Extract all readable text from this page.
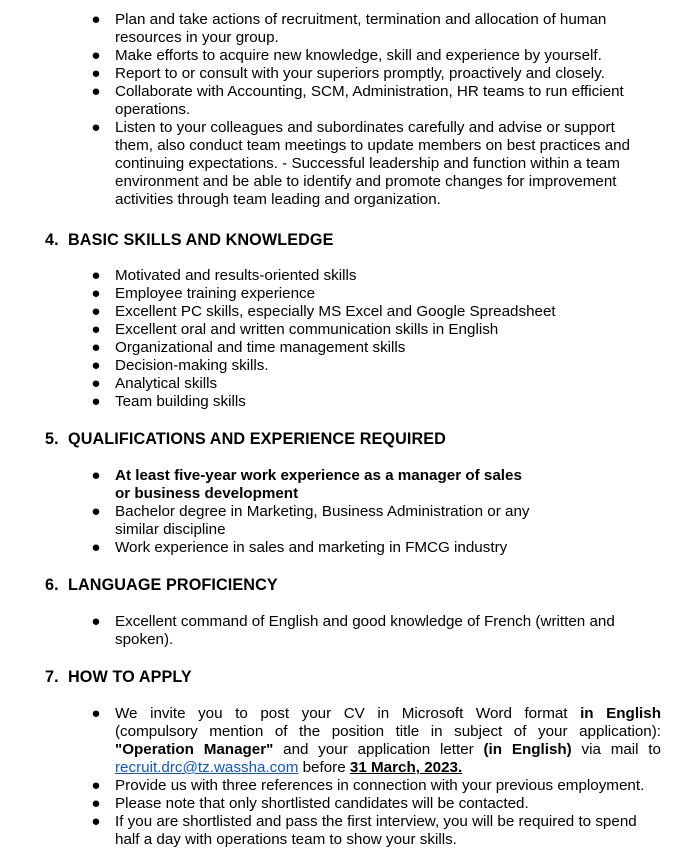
● Plan and take actions of recruitment, termination and allocation of human resources in your group.
● Make efforts to acquire new knowledge, skill and experience by yourself.
● Report to or consult with your superiors promptly, proactively and closely.
● Collaborate with Accounting, SCM, Administration, HR teams to run efficient operations.
● Listen to your colleagues and subordinates carefully and advise or support them, also conduct team meetings to update members on best practices and continuing expectations. - Successful leadership and function within a team environment and be able to identify and promote changes for improvement activities through team leading and organization.
4. BASIC SKILLS AND KNOWLEDGE
● Motivated and results-oriented skills
● Employee training experience
● Excellent PC skills, especially MS Excel and Google Spreadsheet
● Excellent oral and written communication skills in English
● Organizational and time management skills
● Decision-making skills.
● Analytical skills
● Team building skills
5. QUALIFICATIONS AND EXPERIENCE REQUIRED
● At least five-year work experience as a manager of sales
or business development
● Bachelor degree in Marketing, Business Administration or any
similar discipline
● Work experience in sales and marketing in FMCG industry
6. LANGUAGE PROFICIENCY
● Excellent command of English and good knowledge of French (written and spoken).
7. HOW TO APPLY
● We invite you to post your CV in Microsoft Word format in English
(compulsory mention of the position title in subject of your application):
"Operation Manager" and your application letter (in English) via mail to
recruit.drc@tz.wassha.com before 31 March, 2023.
● Provide us with three references in connection with your previous employment.
● Please note that only shortlisted candidates will be contacted.
● If you are shortlisted and pass the first interview, you will be required to spend half a day with operations team to show your skills.
